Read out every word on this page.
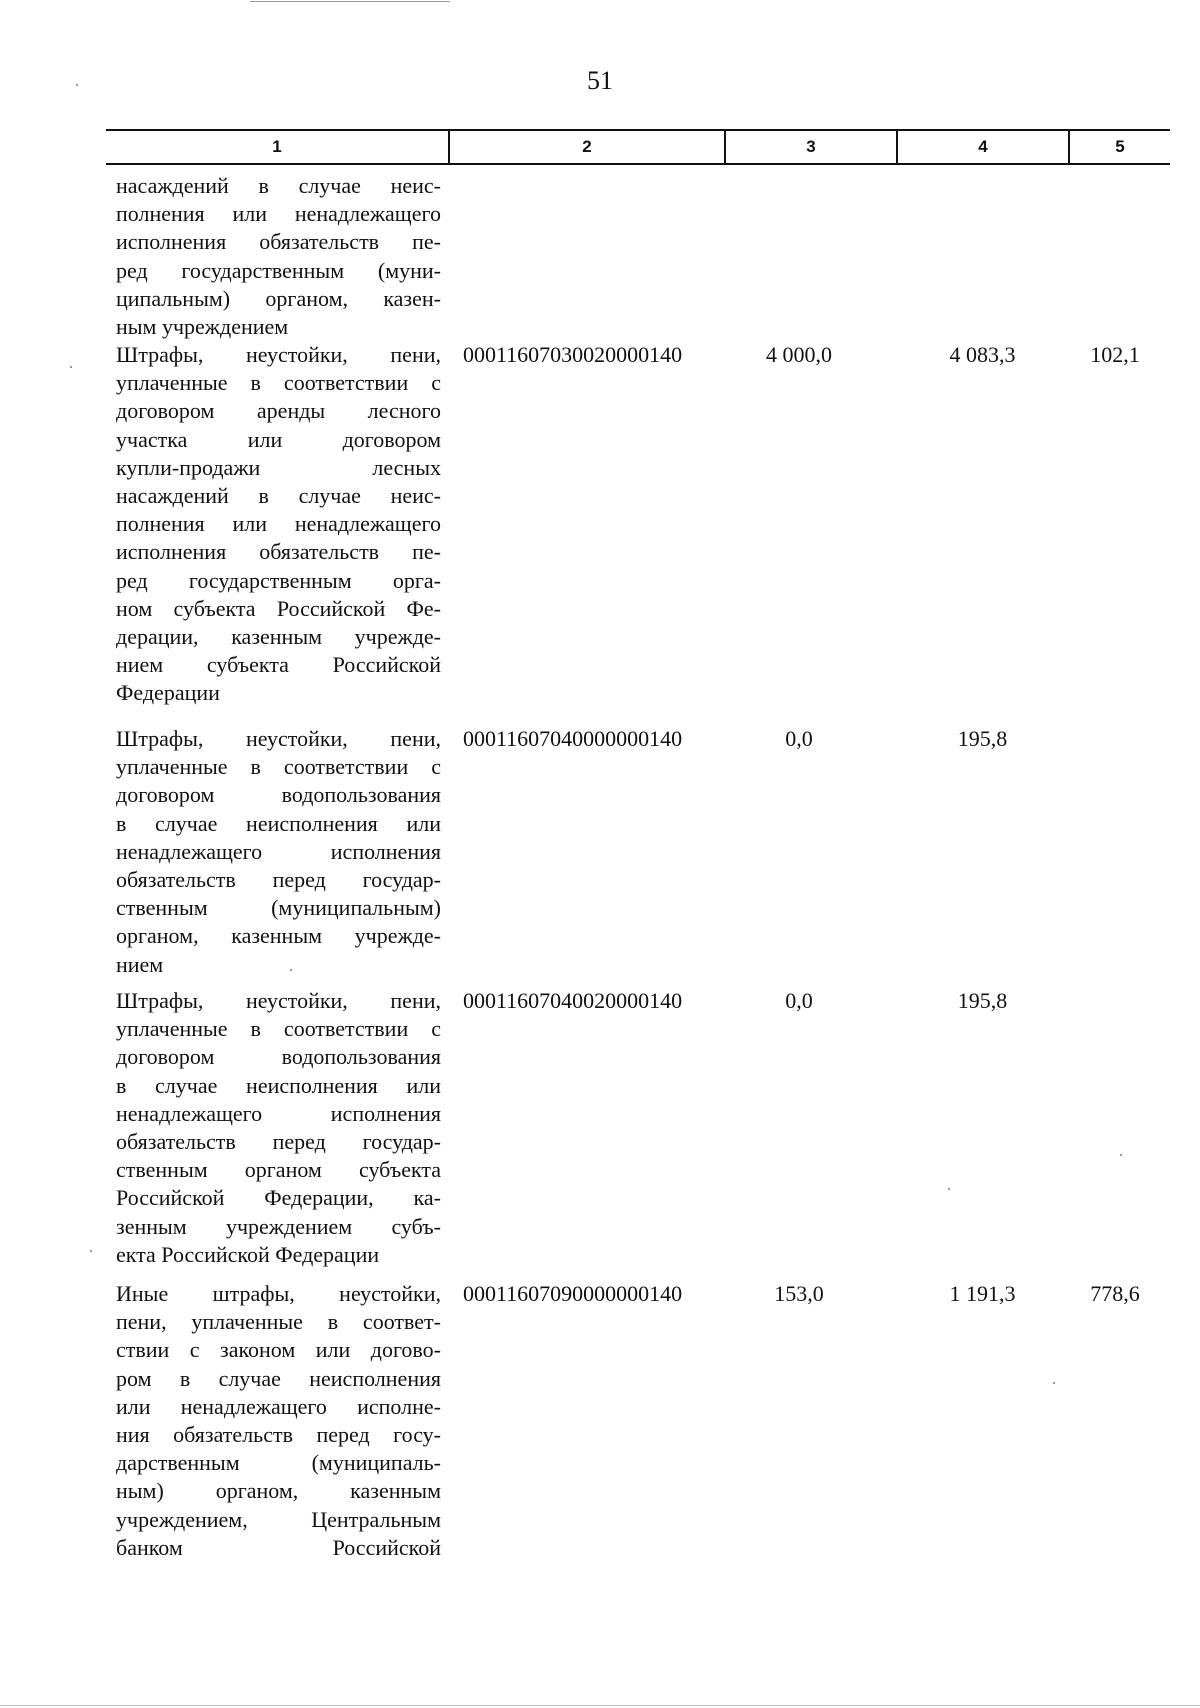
51
1	2	3	4	5
насаждений в случае неис-
полнения или ненадлежащего
исполнения обязательств пе-
ред государственным (муни-
ципальным) органом, казен-
ным учреждением
Штрафы, неустойки, пени,
уплаченные в соответствии с
договором аренды лесного
участка или договором
купли-продажи лесных
насаждений в случае неис-
полнения или ненадлежащего
исполнения обязательств пе-
ред государственным орга-
ном субъекта Российской Фе-
дерации, казенным учрежде-
нием субъекта Российской
Федерации
00011607030020000140	4 000,0	4 083,3	102,1
Штрафы, неустойки, пени,
уплаченные в соответствии с
договором водопользования
в случае неисполнения или
ненадлежащего исполнения
обязательств перед государ-
ственным (муниципальным)
органом, казенным учрежде-
нием
00011607040000000140	0,0	195,8
Штрафы, неустойки, пени,
уплаченные в соответствии с
договором водопользования
в случае неисполнения или
ненадлежащего исполнения
обязательств перед государ-
ственным органом субъекта
Российской Федерации, ка-
зенным учреждением субъ-
екта Российской Федерации
00011607040020000140	0,0	195,8
Иные штрафы, неустойки,
пени, уплаченные в соответ-
ствии с законом или догово-
ром в случае неисполнения
или ненадлежащего исполне-
ния обязательств перед госу-
дарственным (муниципаль-
ным) органом, казенным
учреждением, Центральным
банком Российской
00011607090000000140	153,0	1 191,3	778,6
